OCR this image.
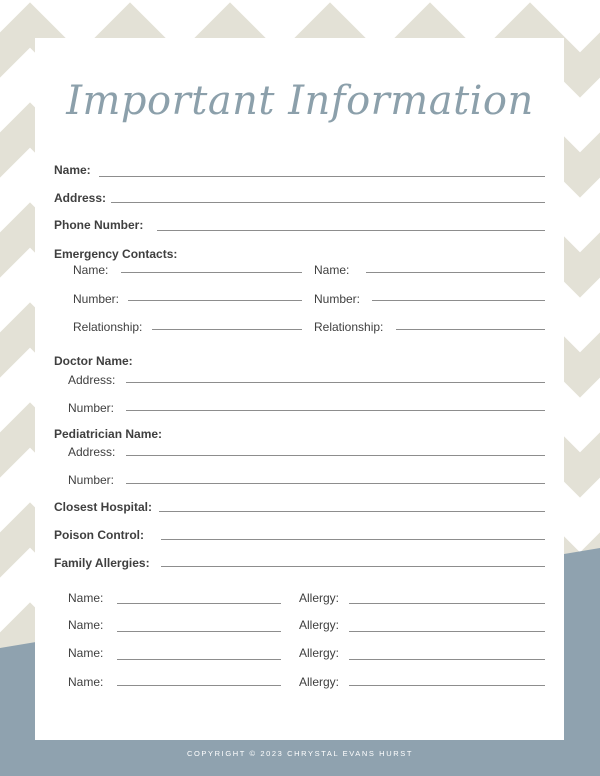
Important Information
Name:
Address:
Phone Number:
Emergency Contacts:
Name:	Name:
Number:	Number:
Relationship:	Relationship:
Doctor Name:
Address:
Number:
Pediatrician Name:
Address:
Number:
Closest Hospital:
Poison Control:
Family Allergies:
Name:	Allergy:
Name:	Allergy:
Name:	Allergy:
Name:	Allergy:
COPYRIGHT © 2023 CHRYSTAL EVANS HURST
